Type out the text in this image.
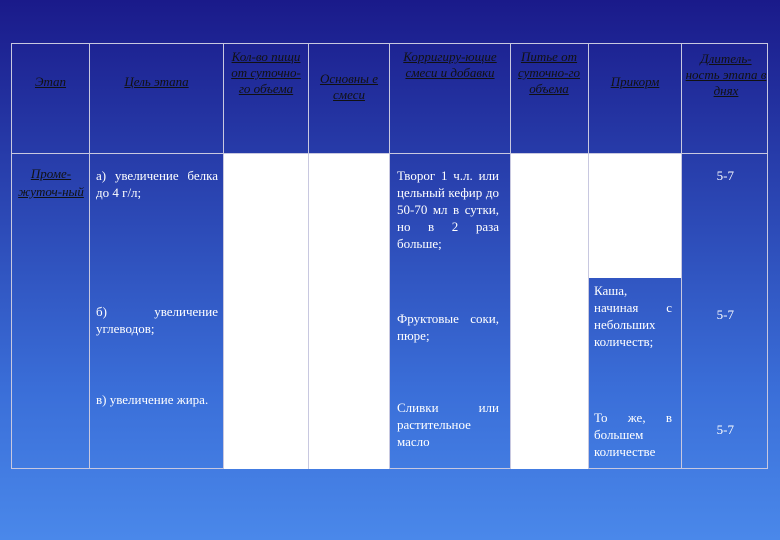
Этап	Цель этапа
Кол-во пищи от суточно-го объема
Основны е смеси
Корригиру-ющие смеси и добавки
Питье от суточно-го объема	Прикорм
Длитель-ность этапа в днях
Проме-жуточ-ный
а) увеличение белка до 4 г/л;
б) увеличение углеводов;
в) увеличение жира.
Творог 1 ч.л. или цельный кефир до 50-70 мл в сутки, но в 2 раза больше;
Фруктовые соки, пюре;
Сливки или растительное масло
Каша, начиная с небольших количеств;
То же, в большем количестве
5-7
5-7
5-7
